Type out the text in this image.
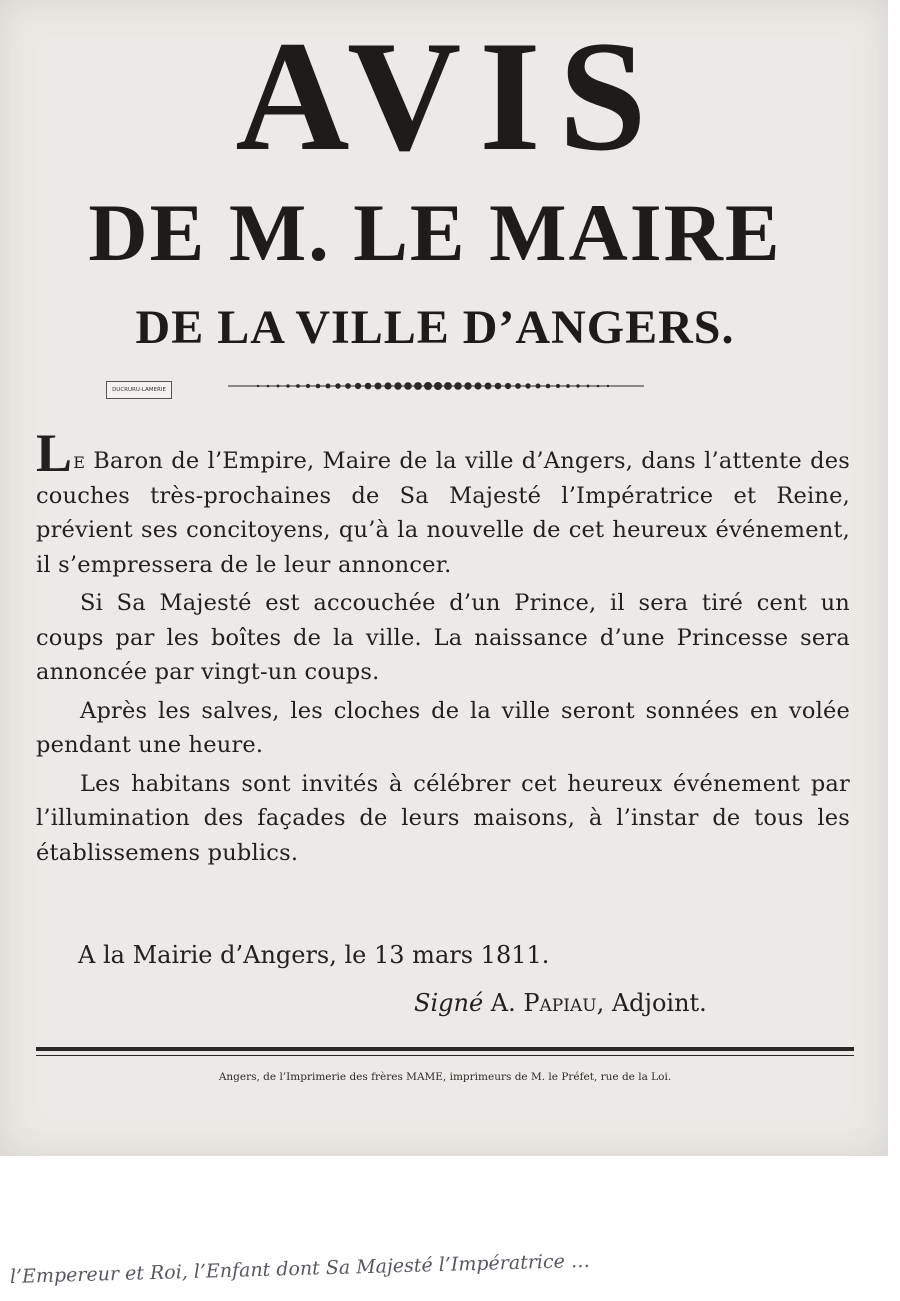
AVIS
DE M. LE MAIRE
DE LA VILLE D’ANGERS.
DUCRURU-LAMERIE

Le Baron de l’Empire, Maire de la ville d’Angers, dans l’attente des couches très-prochaines de Sa Majesté l’Impératrice et Reine, prévient ses concitoyens, qu’à la nouvelle de cet heureux événement, il s’empressera de le leur annoncer.

Si Sa Majesté est accouchée d’un Prince, il sera tiré cent un coups par les boîtes de la ville. La naissance d’une Princesse sera annoncée par vingt-un coups.

Après les salves, les cloches de la ville seront sonnées en volée pendant une heure.

Les habitans sont invités à célébrer cet heureux événement par l’illumination des façades de leurs maisons, à l’instar de tous les établissemens publics.

A la Mairie d’Angers, le 13 mars 1811.
Signé A. Papiau, Adjoint.
Angers, de l’Imprimerie des frères MAME, imprimeurs de M. le Préfet, rue de la Loi.
l’Empereur et Roi, l’Enfant dont Sa Majesté l’Impératrice …
